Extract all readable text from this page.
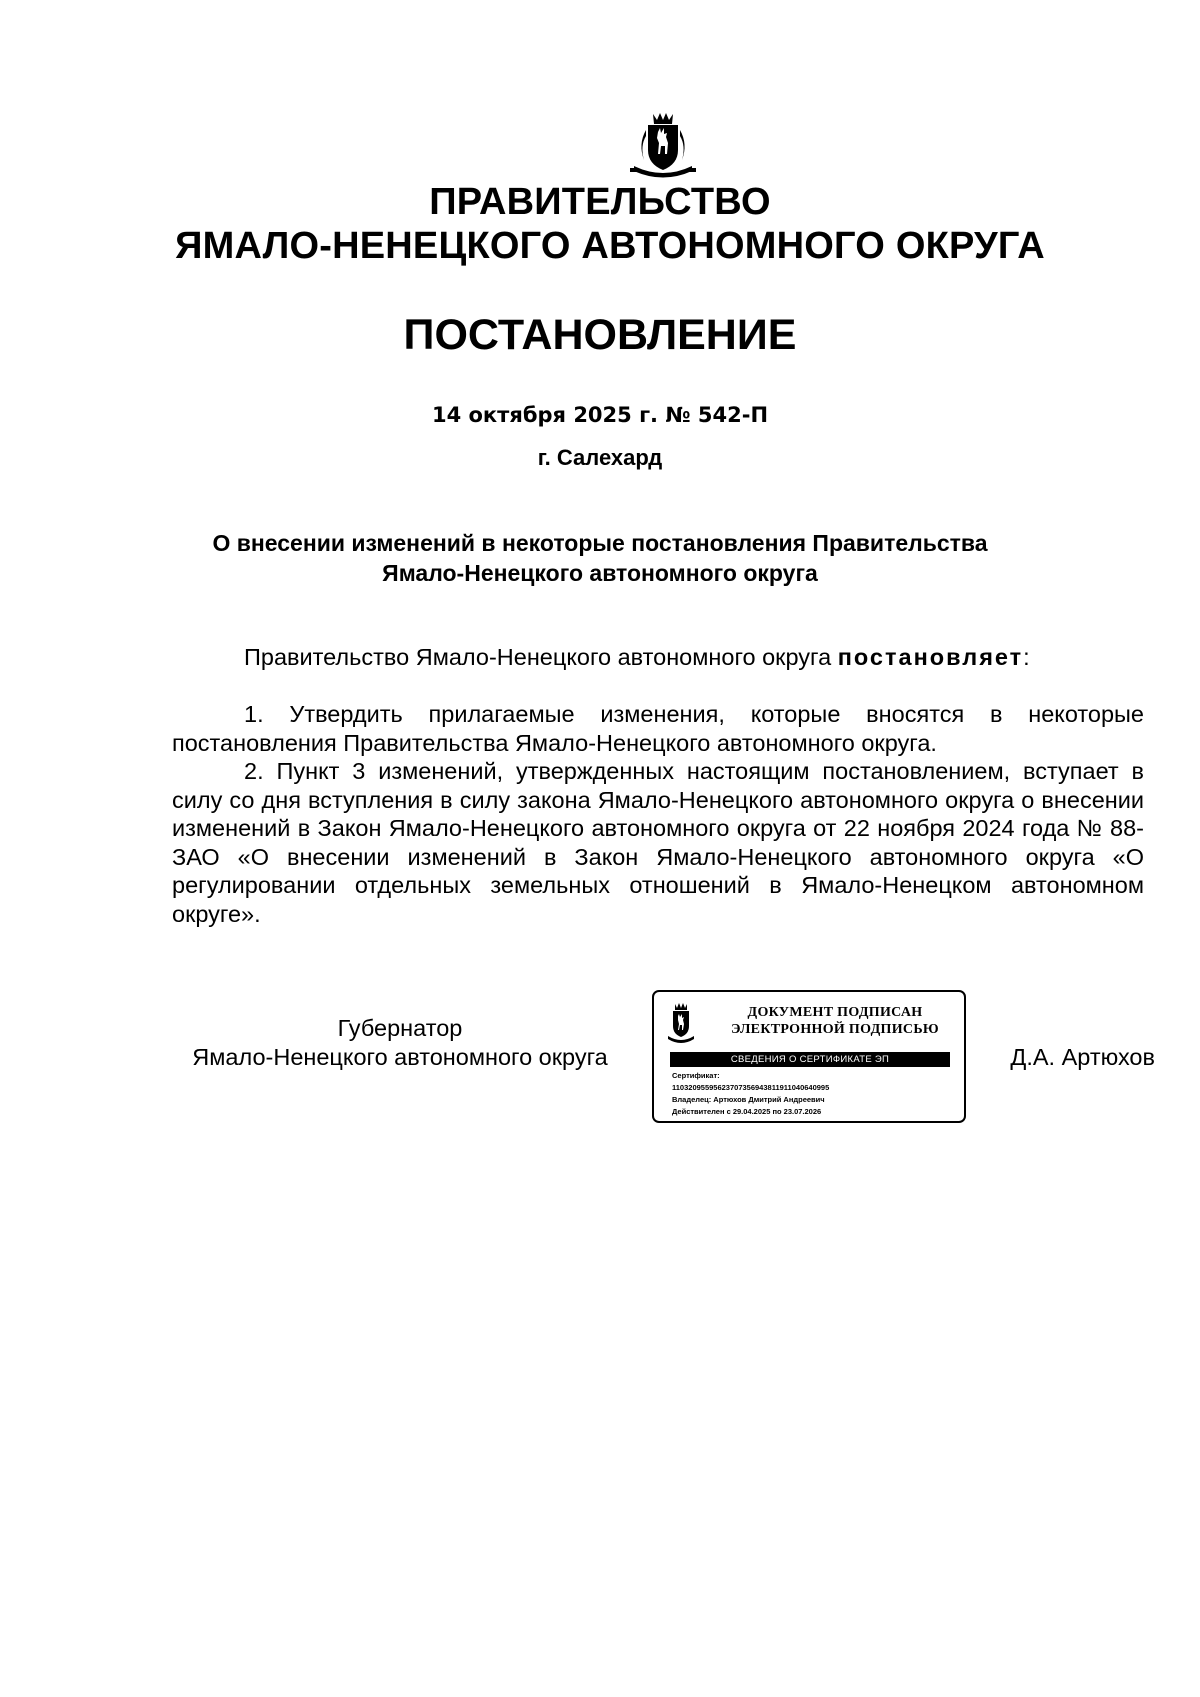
ПРАВИТЕЛЬСТВО
ЯМАЛО-НЕНЕЦКОГО АВТОНОМНОГО ОКРУГА
ПОСТАНОВЛЕНИЕ
14 октября 2025 г. № 542-П
г. Салехард
О внесении изменений в некоторые постановления Правительства
Ямало-Ненецкого автономного округа
Правительство Ямало-Ненецкого автономного округа постановляет:

1. Утвердить прилагаемые изменения, которые вносятся в некоторые постановления Правительства Ямало-Ненецкого автономного округа.

2. Пункт 3 изменений, утвержденных настоящим постановлением, вступает в силу со дня вступления в силу закона Ямало-Ненецкого автономного округа о внесении изменений в Закон Ямало-Ненецкого автономного округа от 22 ноября 2024 года № 88-ЗАО «О внесении изменений в Закон Ямало-Ненецкого автономного округа «О регулировании отдельных земельных отношений в Ямало-Ненецком автономном округе».

Губернатор
Ямало-Ненецкого автономного округа
ДОКУМЕНТ ПОДПИСАН
ЭЛЕКТРОННОЙ ПОДПИСЬЮ
СВЕДЕНИЯ О СЕРТИФИКАТЕ ЭП
Сертификат:
11032095595623707356943811911040640995
Владелец: Артюхов Дмитрий Андреевич
Действителен с 29.04.2025 по 23.07.2026
Д.А. Артюхов
